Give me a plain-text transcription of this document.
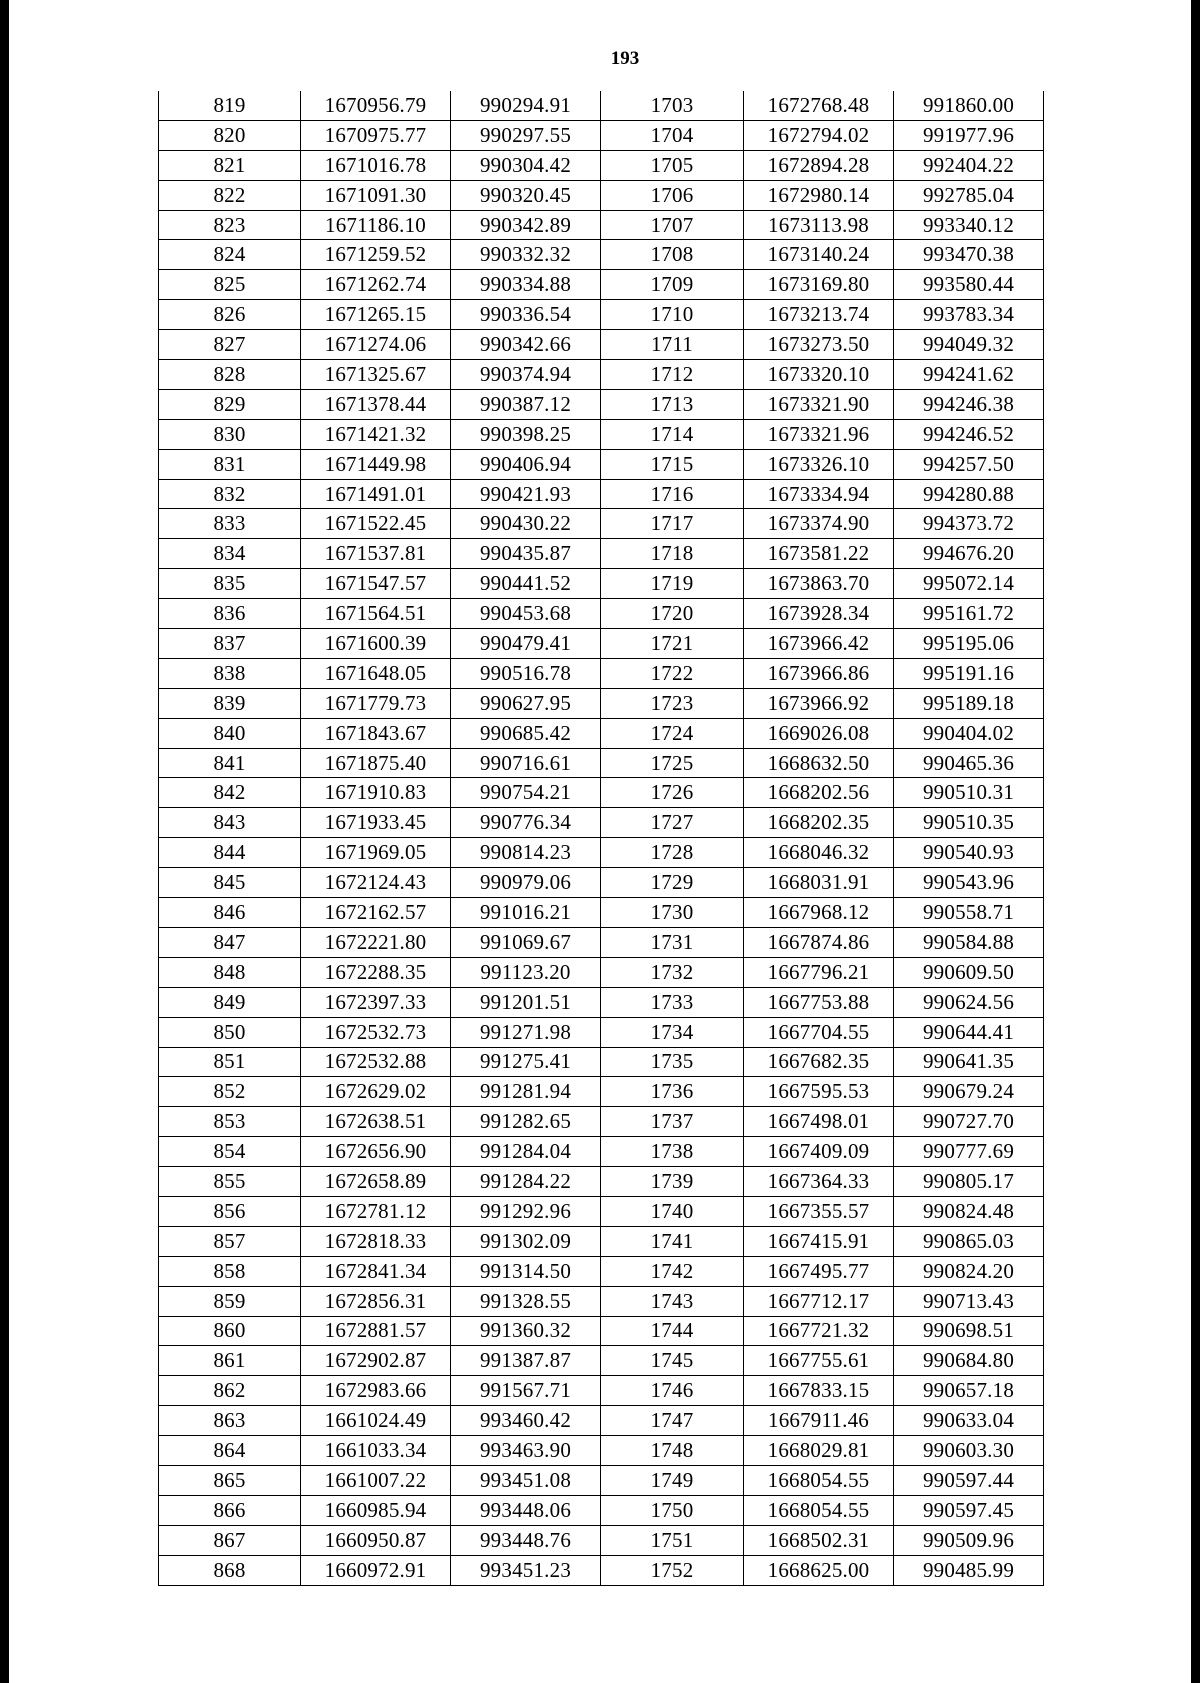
193
819	1670956.79	990294.91	1703	1672768.48	991860.00
820	1670975.77	990297.55	1704	1672794.02	991977.96
821	1671016.78	990304.42	1705	1672894.28	992404.22
822	1671091.30	990320.45	1706	1672980.14	992785.04
823	1671186.10	990342.89	1707	1673113.98	993340.12
824	1671259.52	990332.32	1708	1673140.24	993470.38
825	1671262.74	990334.88	1709	1673169.80	993580.44
826	1671265.15	990336.54	1710	1673213.74	993783.34
827	1671274.06	990342.66	1711	1673273.50	994049.32
828	1671325.67	990374.94	1712	1673320.10	994241.62
829	1671378.44	990387.12	1713	1673321.90	994246.38
830	1671421.32	990398.25	1714	1673321.96	994246.52
831	1671449.98	990406.94	1715	1673326.10	994257.50
832	1671491.01	990421.93	1716	1673334.94	994280.88
833	1671522.45	990430.22	1717	1673374.90	994373.72
834	1671537.81	990435.87	1718	1673581.22	994676.20
835	1671547.57	990441.52	1719	1673863.70	995072.14
836	1671564.51	990453.68	1720	1673928.34	995161.72
837	1671600.39	990479.41	1721	1673966.42	995195.06
838	1671648.05	990516.78	1722	1673966.86	995191.16
839	1671779.73	990627.95	1723	1673966.92	995189.18
840	1671843.67	990685.42	1724	1669026.08	990404.02
841	1671875.40	990716.61	1725	1668632.50	990465.36
842	1671910.83	990754.21	1726	1668202.56	990510.31
843	1671933.45	990776.34	1727	1668202.35	990510.35
844	1671969.05	990814.23	1728	1668046.32	990540.93
845	1672124.43	990979.06	1729	1668031.91	990543.96
846	1672162.57	991016.21	1730	1667968.12	990558.71
847	1672221.80	991069.67	1731	1667874.86	990584.88
848	1672288.35	991123.20	1732	1667796.21	990609.50
849	1672397.33	991201.51	1733	1667753.88	990624.56
850	1672532.73	991271.98	1734	1667704.55	990644.41
851	1672532.88	991275.41	1735	1667682.35	990641.35
852	1672629.02	991281.94	1736	1667595.53	990679.24
853	1672638.51	991282.65	1737	1667498.01	990727.70
854	1672656.90	991284.04	1738	1667409.09	990777.69
855	1672658.89	991284.22	1739	1667364.33	990805.17
856	1672781.12	991292.96	1740	1667355.57	990824.48
857	1672818.33	991302.09	1741	1667415.91	990865.03
858	1672841.34	991314.50	1742	1667495.77	990824.20
859	1672856.31	991328.55	1743	1667712.17	990713.43
860	1672881.57	991360.32	1744	1667721.32	990698.51
861	1672902.87	991387.87	1745	1667755.61	990684.80
862	1672983.66	991567.71	1746	1667833.15	990657.18
863	1661024.49	993460.42	1747	1667911.46	990633.04
864	1661033.34	993463.90	1748	1668029.81	990603.30
865	1661007.22	993451.08	1749	1668054.55	990597.44
866	1660985.94	993448.06	1750	1668054.55	990597.45
867	1660950.87	993448.76	1751	1668502.31	990509.96
868	1660972.91	993451.23	1752	1668625.00	990485.99
